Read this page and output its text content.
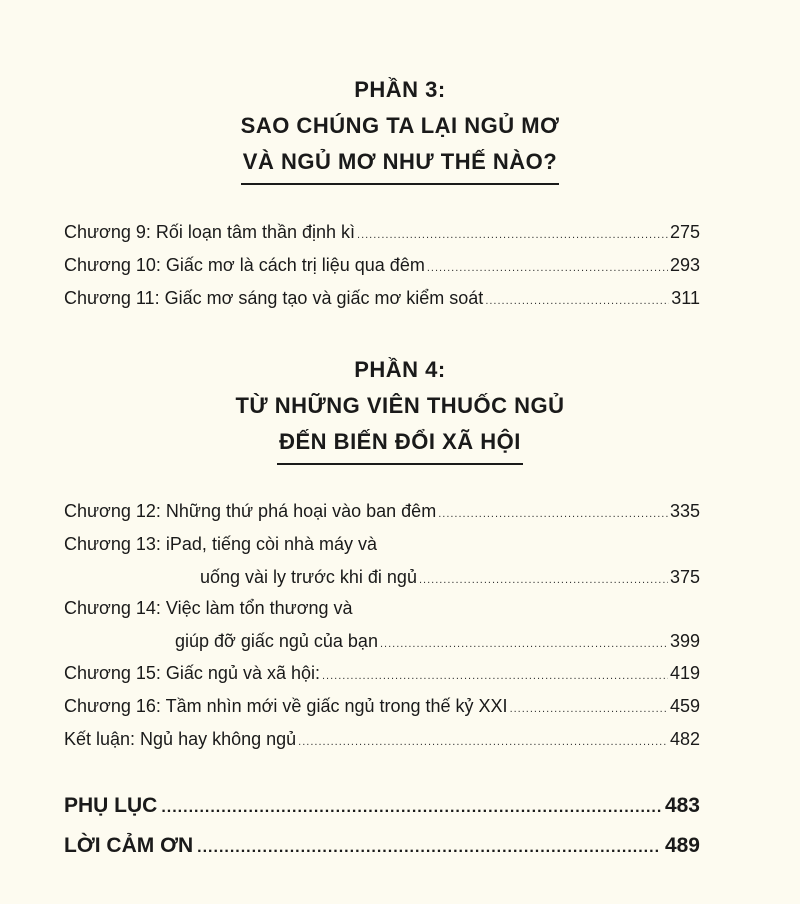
PHẦN 3:
SAO CHÚNG TA LẠI NGỦ MƠ
VÀ NGỦ MƠ NHƯ THẾ NÀO?
Chương 9: Rối loạn tâm thần định kì .....	275
Chương 10: Giấc mơ là cách trị liệu qua đêm .....	293
Chương 11: Giấc mơ sáng tạo và giấc mơ kiểm soát .....	311
PHẦN 4:
TỪ NHỮNG VIÊN THUỐC NGỦ
ĐẾN BIẾN ĐỔI XÃ HỘI
Chương 12: Những thứ phá hoại vào ban đêm .....	335
Chương 13: iPad, tiếng còi nhà máy và
uống vài ly trước khi đi ngủ .....	375
Chương 14: Việc làm tổn thương và
giúp đỡ giấc ngủ của bạn .....	399
Chương 15: Giấc ngủ và xã hội: .....	419
Chương 16: Tầm nhìn mới về giấc ngủ trong thế kỷ XXI .....	459
Kết luận: Ngủ hay không ngủ .....	482
PHỤ LỤC .....	483
LỜI CẢM ƠN .....	489
